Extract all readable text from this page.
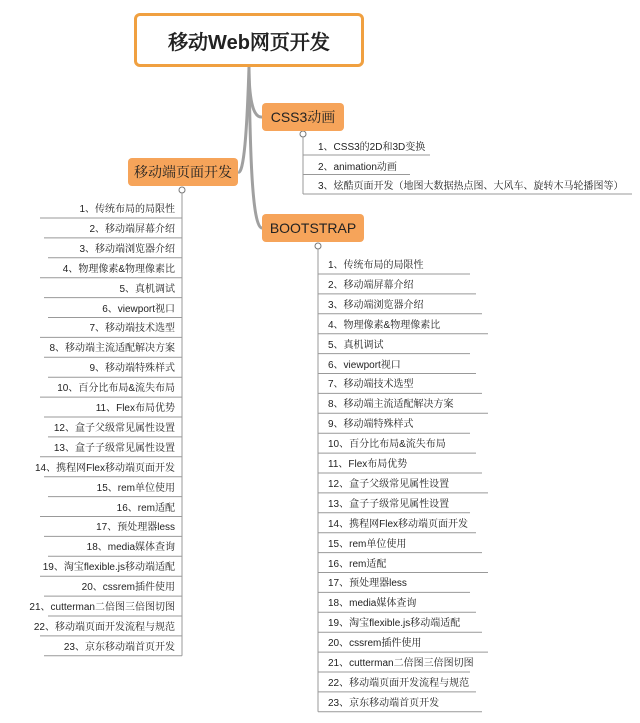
移动Web网页开发
CSS3动画
移动端页面开发
BOOTSTRAP
1、CSS3的2D和3D变换
2、animation动画
3、炫酷页面开发（地图大数据热点图、大风车、旋转木马轮播图等）
1、传统布局的局限性
2、移动端屏幕介绍
3、移动端浏览器介绍
4、物理像素&物理像素比
5、真机调试
6、viewport视口
7、移动端技术选型
8、移动端主流适配解决方案
9、移动端特殊样式
10、百分比布局&流失布局
11、Flex布局优势
12、盒子父级常见属性设置
13、盒子子级常见属性设置
14、携程网Flex移动端页面开发
15、rem单位使用
16、rem适配
17、预处理器less
18、media媒体查询
19、淘宝flexible.js移动端适配
20、cssrem插件使用
21、cutterman二倍图三倍图切图
22、移动端页面开发流程与规范
23、京东移动端首页开发
1、传统布局的局限性
2、移动端屏幕介绍
3、移动端浏览器介绍
4、物理像素&物理像素比
5、真机调试
6、viewport视口
7、移动端技术选型
8、移动端主流适配解决方案
9、移动端特殊样式
10、百分比布局&流失布局
11、Flex布局优势
12、盒子父级常见属性设置
13、盒子子级常见属性设置
14、携程网Flex移动端页面开发
15、rem单位使用
16、rem适配
17、预处理器less
18、media媒体查询
19、淘宝flexible.js移动端适配
20、cssrem插件使用
21、cutterman二倍图三倍图切图
22、移动端页面开发流程与规范
23、京东移动端首页开发
